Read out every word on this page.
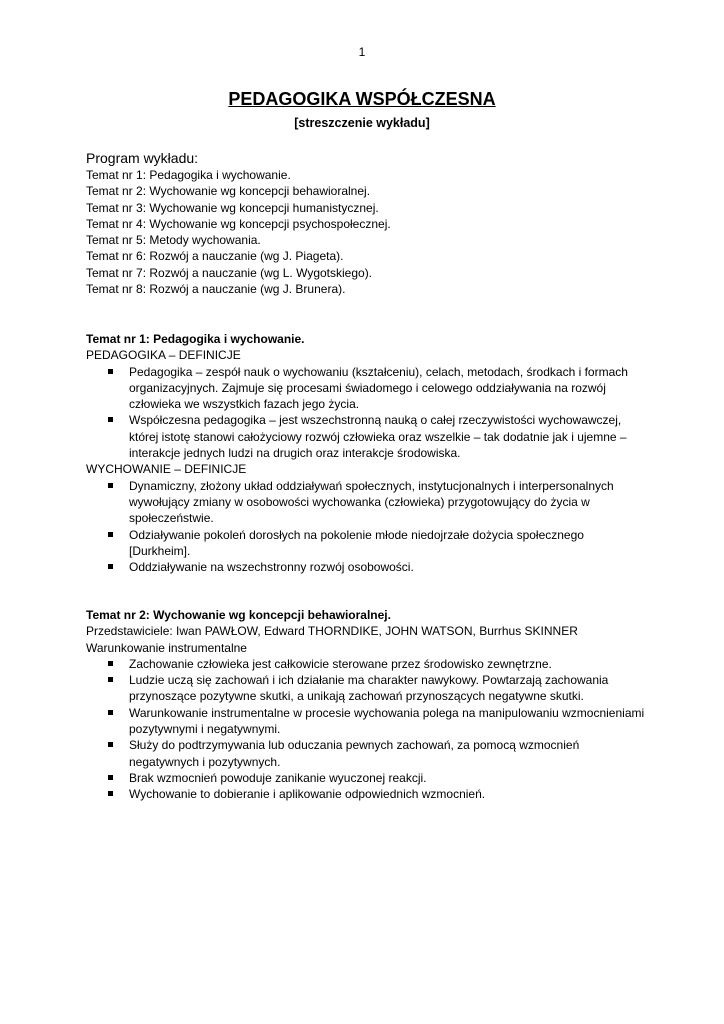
1
PEDAGOGIKA WSPÓŁCZESNA
[streszczenie wykładu]
Program wykładu:
Temat nr 1: Pedagogika i wychowanie.
Temat nr 2: Wychowanie wg koncepcji behawioralnej.
Temat nr 3: Wychowanie wg koncepcji humanistycznej.
Temat nr 4: Wychowanie wg koncepcji psychospołecznej.
Temat nr 5: Metody wychowania.
Temat nr 6: Rozwój a nauczanie (wg J. Piageta).
Temat nr 7: Rozwój a nauczanie (wg L. Wygotskiego).
Temat nr 8: Rozwój a nauczanie (wg J. Brunera).
Temat nr 1: Pedagogika i wychowanie.
PEDAGOGIKA – DEFINICJE
Pedagogika – zespół nauk o wychowaniu (kształceniu), celach, metodach, środkach i formach organizacyjnych. Zajmuje się procesami świadomego i celowego oddziaływania na rozwój człowieka we wszystkich fazach jego życia.
Współczesna pedagogika – jest wszechstronną nauką o całej rzeczywistości wychowawczej, której istotę stanowi całożyciowy rozwój człowieka oraz wszelkie – tak dodatnie jak i ujemne – interakcje jednych ludzi na drugich oraz interakcje środowiska.
WYCHOWANIE – DEFINICJE
Dynamiczny, złożony układ oddziaływań społecznych, instytucjonalnych i interpersonalnych wywołujący zmiany w osobowości wychowanka (człowieka) przygotowujący do życia w społeczeństwie.
Odziaływanie pokoleń dorosłych na pokolenie młode niedojrzałe dożycia społecznego [Durkheim].
Oddziaływanie na wszechstronny rozwój osobowości.
Temat nr 2: Wychowanie wg koncepcji behawioralnej.
Przedstawiciele: Iwan PAWŁOW, Edward THORNDIKE, JOHN WATSON, Burrhus SKINNER
Warunkowanie instrumentalne
Zachowanie człowieka jest całkowicie sterowane przez środowisko zewnętrzne.
Ludzie uczą się zachowań i ich działanie ma charakter nawykowy. Powtarzają zachowania przynoszące pozytywne skutki, a unikają zachowań przynoszących negatywne skutki.
Warunkowanie instrumentalne w procesie wychowania polega na manipulowaniu wzmocnieniami pozytywnymi i negatywnymi.
Służy do podtrzymywania lub oduczania pewnych zachowań, za pomocą wzmocnień negatywnych i pozytywnych.
Brak wzmocnień powoduje zanikanie wyuczonej reakcji.
Wychowanie to dobieranie i aplikowanie odpowiednich wzmocnień.
